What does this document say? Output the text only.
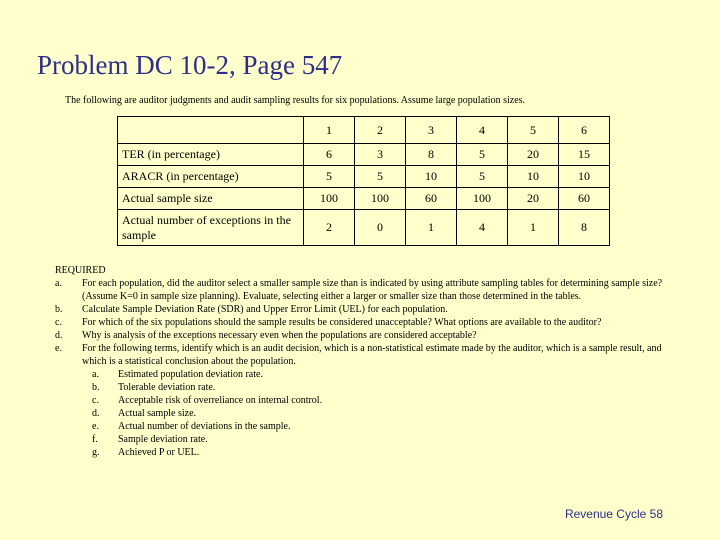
Problem DC 10-2, Page 547
The following are auditor judgments and audit sampling results for six populations. Assume large population sizes.
	1	2	3	4	5	6
TER (in percentage)	6	3	8	5	20	15
ARACR (in percentage)	5	5	10	5	10	10
Actual sample size	100	100	60	100	20	60
Actual number of exceptions in the sample	2	0	1	4	1	8
REQUIRED
a.	For each population, did the auditor select a smaller sample size than is indicated by using attribute sampling tables for determining sample size? (Assume K=0 in sample size planning). Evaluate, selecting either a larger or smaller size than those determined in the tables.
b.	Calculate Sample Deviation Rate (SDR) and Upper Error Limit (UEL) for each population.
c.	For which of the six populations should the sample results be considered unacceptable? What options are available to the auditor?
d.	Why is analysis of the exceptions necessary even when the populations are considered acceptable?
e.	For the following terms, identify which is an audit decision, which is a non-statistical estimate made by the auditor, which is a sample result, and which is a statistical conclusion about the population.
a.	Estimated population deviation rate.
b.	Tolerable deviation rate.
c.	Acceptable risk of overreliance on internal control.
d.	Actual sample size.
e.	Actual number of deviations in the sample.
f.	Sample deviation rate.
g.	Achieved P or UEL.
Revenue Cycle 58
